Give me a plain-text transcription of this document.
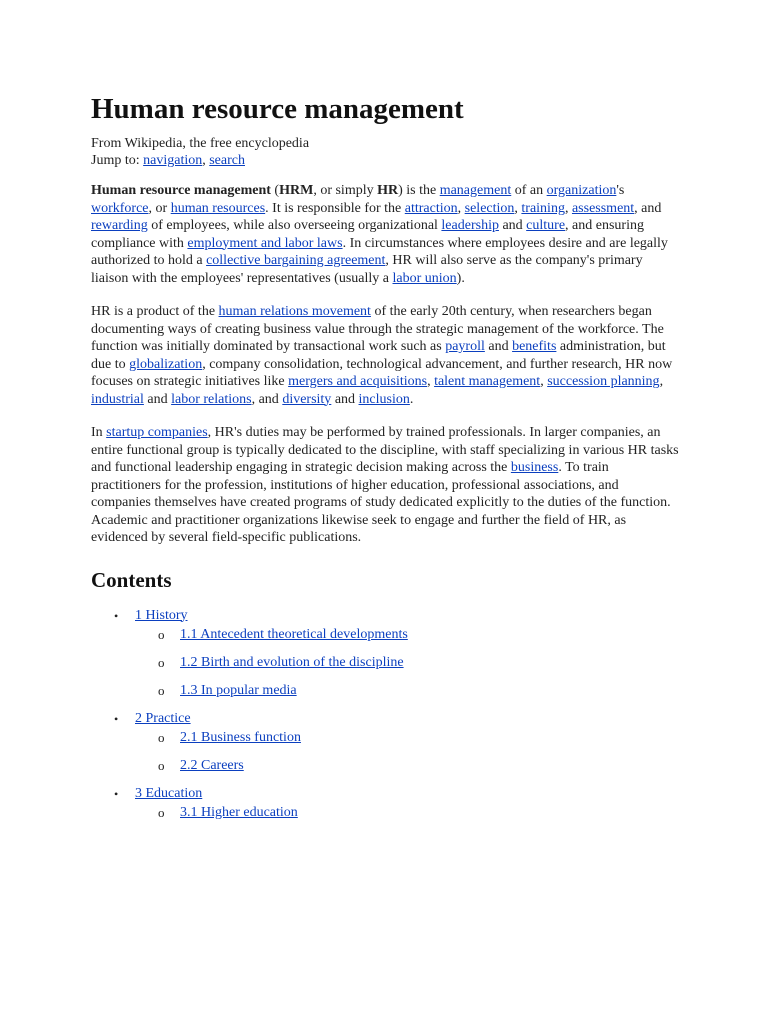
Human resource management
From Wikipedia, the free encyclopedia
Jump to: navigation, search

Human resource management (HRM, or simply HR) is the management of an organization's workforce, or human resources. It is responsible for the attraction, selection, training, assessment, and rewarding of employees, while also overseeing organizational leadership and culture, and ensuring compliance with employment and labor laws. In circumstances where employees desire and are legally authorized to hold a collective bargaining agreement, HR will also serve as the company's primary liaison with the employees' representatives (usually a labor union).

HR is a product of the human relations movement of the early 20th century, when researchers began documenting ways of creating business value through the strategic management of the workforce. The function was initially dominated by transactional work such as payroll and benefits administration, but due to globalization, company consolidation, technological advancement, and further research, HR now focuses on strategic initiatives like mergers and acquisitions, talent management, succession planning, industrial and labor relations, and diversity and inclusion.

In startup companies, HR's duties may be performed by trained professionals. In larger companies, an entire functional group is typically dedicated to the discipline, with staff specializing in various HR tasks and functional leadership engaging in strategic decision making across the business. To train practitioners for the profession, institutions of higher education, professional associations, and companies themselves have created programs of study dedicated explicitly to the duties of the function. Academic and practitioner organizations likewise seek to engage and further the field of HR, as evidenced by several field-specific publications.

Contents
• 1 History
o 1.1 Antecedent theoretical developments
o 1.2 Birth and evolution of the discipline
o 1.3 In popular media
• 2 Practice
o 2.1 Business function
o 2.2 Careers
• 3 Education
o 3.1 Higher education
